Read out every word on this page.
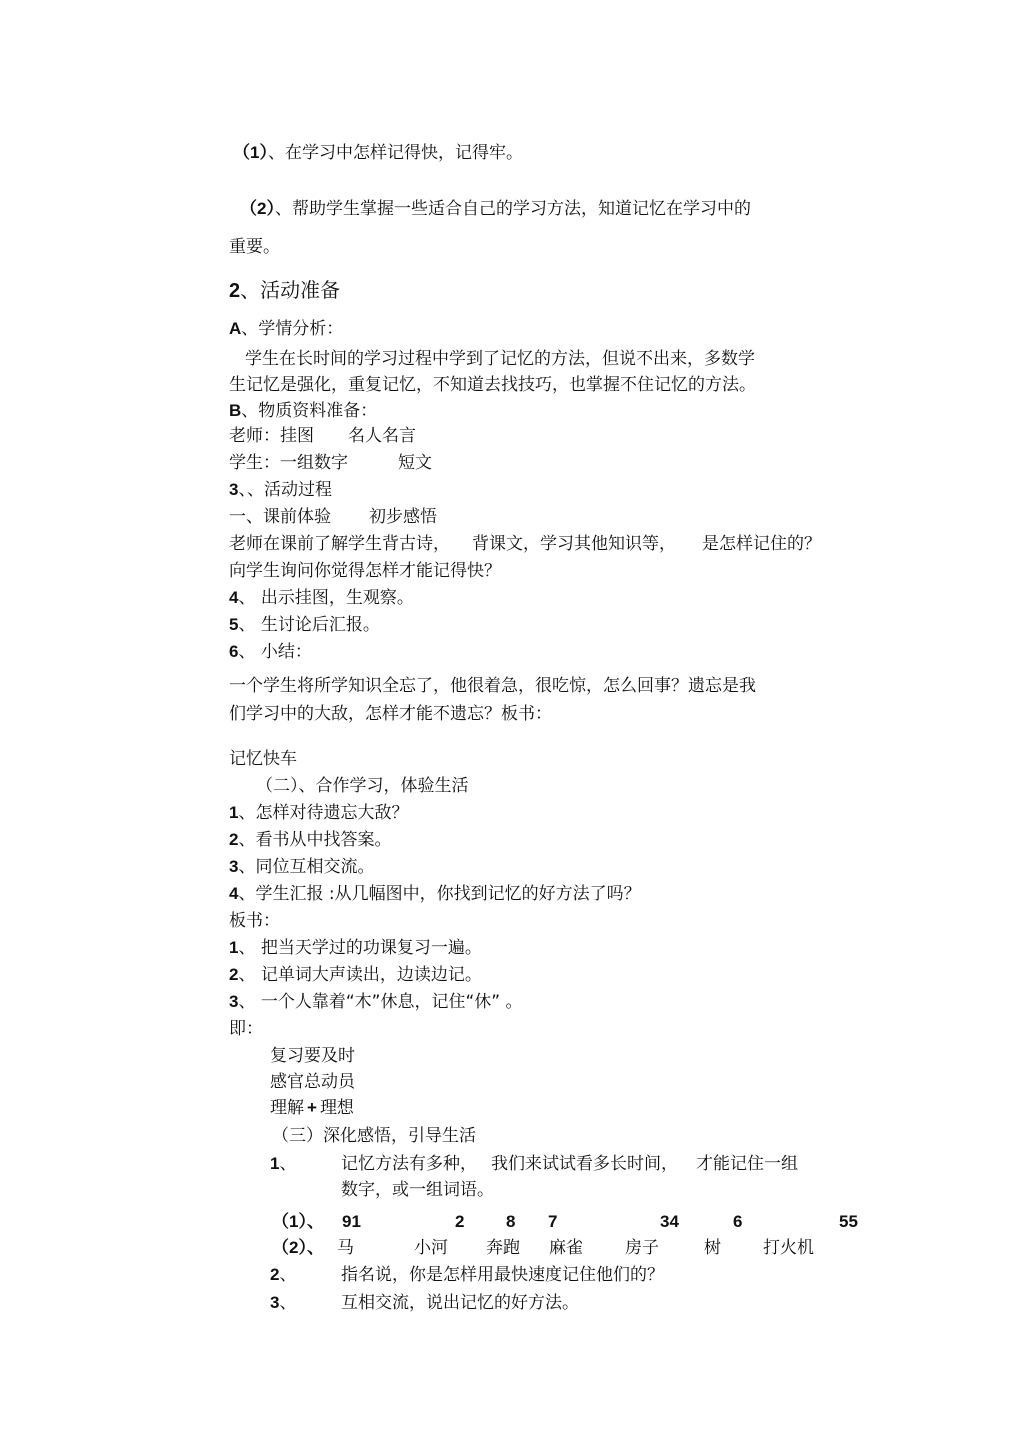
（1）、在学习中怎样记得快，记得牢。
（2）、帮助学生掌握一些适合自己的学习方法，知道记忆在学习中的
重要。
2、活动准备
A、学情分析：
学生在长时间的学习过程中学到了记忆的方法，但说不出来，多数学
生记忆是强化，重复记忆，不知道去找技巧，也掌握不住记忆的方法。
B、物质资料准备：
老师：挂图 名人名言
学生：一组数字	短文
3、、活动过程
一、课前体验 初步感悟
老师在课前了解学生背古诗， 背课文，学习其他知识等， 是怎样记住的？
向学生询问你觉得怎样才能记得快？
4、 出示挂图，生观察。
5、 生讨论后汇报。
6、 小结：
一个学生将所学知识全忘了，他很着急，很吃惊，怎么回事？遗忘是我
们学习中的大敌，怎样才能不遗忘？板书：
记忆快车
（二）、合作学习，体验生活
1、怎样对待遗忘大敌？
2、看书从中找答案。
3、同位互相交流。
4、学生汇报 :从几幅图中，你找到记忆的好方法了吗？
板书：
1、 把当天学过的功课复习一遍。
2、 记单词大声读出，边读边记。
3、 一个人靠着“木”休息，记住“休” 。
即：
复习要及时
感官总动员
理解 + 理想
（三）深化感悟，引导生活
1、	记忆方法有多种， 我们来试试看多长时间， 才能记住一组
数字，或一组词语。
（1）、 91	2 8 7	34	6	55
（2）、 马	小河 奔跑 麻雀 房子	树 打火机
2、	指名说，你是怎样用最快速度记住他们的？
3、	互相交流，说出记忆的好方法。
